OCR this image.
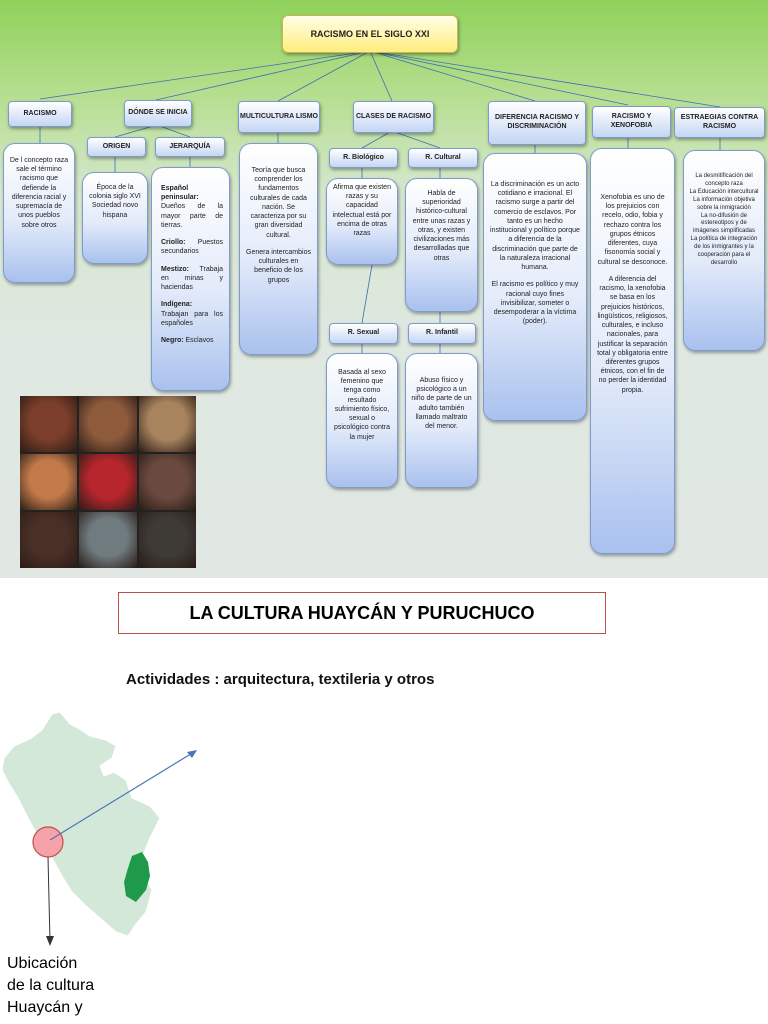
RACISMO EN EL SIGLO XXI
RACISMO

De l concepto raza sale el término racismo que defiende la diferencia racial y supremacía de unos pueblos sobre otros

DÓNDE SE INICIA
ORIGEN	JERARQUÍA

Época de la colonia siglo XVI Sociedad novo hispana

Español peninsular:
Dueños de la mayor parte de tierras.

Criollo: Puestos secundarios

Mestizo: Trabaja en minas y haciendas

Indígena:
Trabajan para los españoles

Negro: Esclavos

MULTICULTURA LISMO

Teoría que busca comprender los fundamentos culturales de cada nación. Se caracteriza por su gran diversidad cultural.

Genera intercambios culturales en beneficio de los grupos

CLASES DE RACISMO
R. Biológico	R. Cultural

Afirma que existen razas y su capacidad intelectual está por encima de otras razas

Habla de superioridad histórico-cultural entre unas razas y otras, y existen civilizaciones más desarrolladas que otras

R. Sexual	R. Infantil

Basada al sexo femenino que tenga como resultado sufrimiento físico, sexual o psicológico contra la mujer

Abuso físico y psicológico a un niño de parte de un adulto también llamado maltrato del menor.

DIFERENCIA RACISMO Y DISCRIMINACIÓN

La discriminación es un acto cotidiano e irracional. El racismo surge a partir del comercio de esclavos. Por tanto es un hecho institucional y político porque a diferencia de la discriminación que parte de la naturaleza irracional humana.

El racismo es político y muy racional cuyo fines invisibilizar, someter o desempoderar a la víctima (poder).

RACISMO Y XENOFOBIA

Xenofobia es uno de los prejuicios con recelo, odio, fobia y rechazo contra los grupos étnicos diferentes, cuya fisonomía social y cultural se desconoce.

A diferencia del racismo, la xenofobia se basa en los prejuicios históricos, lingüísticos, religiosos, culturales, e incluso nacionales, para justificar la separación total y obligatoria entre diferentes grupos étnicos, con el fin de no perder la identidad propia.

ESTRAEGIAS CONTRA RACISMO

La desmitificación del concepto raza

La Educación intercultural

La información objetiva sobre la inmigración

La no-difusión de estereotipos y de imágenes simplificadas

La política de integración de los inmigrantes y la cooperación para el desarrollo

LA CULTURA HUAYCÁN Y PURUCHUCO
Actividades : arquitectura, textileria y otros
Ubicación
de la cultura
Huaycán y
